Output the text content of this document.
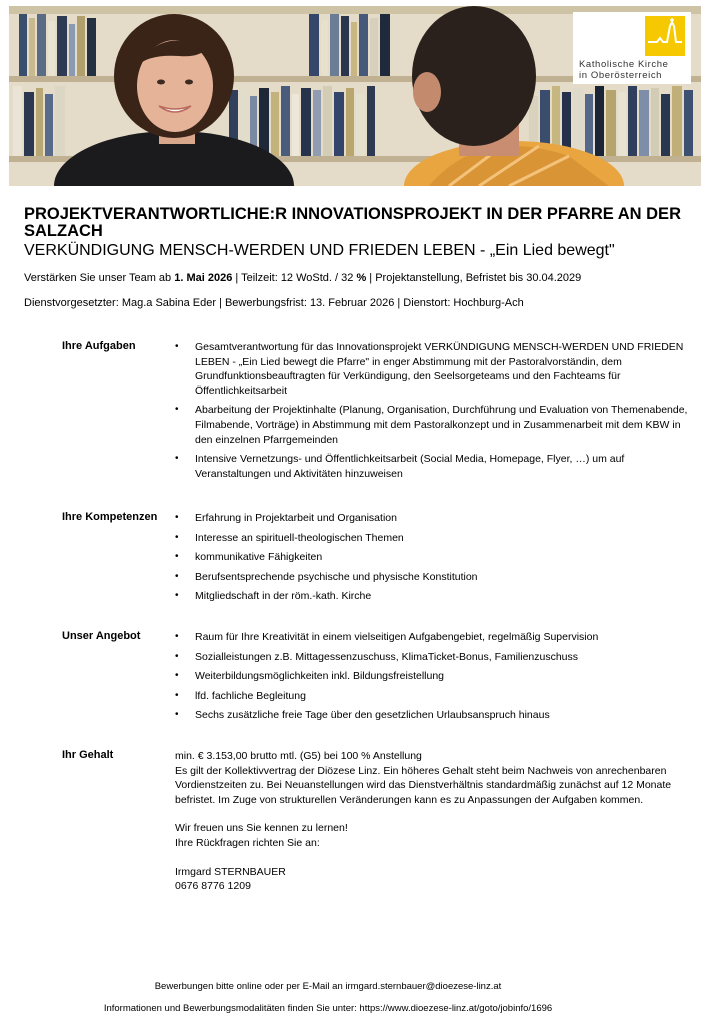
Katholische Kirche
in Oberösterreich
PROJEKTVERANTWORTLICHE:R INNOVATIONSPROJEKT IN DER PFARRE AN DER SALZACH
VERKÜNDIGUNG MENSCH-WERDEN UND FRIEDEN LEBEN - „Ein Lied bewegt"
Verstärken Sie unser Team ab 1. Mai 2026 | Teilzeit: 12 WoStd. / 32 % | Projektanstellung, Befristet bis 30.04.2029
Dienstvorgesetzter: Mag.a Sabina Eder | Bewerbungsfrist: 13. Februar 2026 | Dienstort: Hochburg-Ach
Ihre Aufgaben	• Gesamtverantwortung für das Innovationsprojekt VERKÜNDIGUNG MENSCH-WERDEN UND FRIEDEN LEBEN - „Ein Lied bewegt die Pfarre" in enger Abstimmung mit der Pastoralvorständin, dem Grundfunktionsbeauftragten für Verkündigung, den Seelsorgeteams und den Fachteams für Öffentlichkeitsarbeit
• Abarbeitung der Projektinhalte (Planung, Organisation, Durchführung und Evaluation von Themenabende, Filmabende, Vorträge) in Abstimmung mit dem Pastoralkonzept und in Zusammenarbeit mit dem KBW in den einzelnen Pfarrgemeinden
• Intensive Vernetzungs- und Öffentlichkeitsarbeit (Social Media, Homepage, Flyer, …) um auf Veranstaltungen und Aktivitäten hinzuweisen
Ihre Kompetenzen • Erfahrung in Projektarbeit und Organisation
• Interesse an spirituell-theologischen Themen
• kommunikative Fähigkeiten
• Berufsentsprechende psychische und physische Konstitution
• Mitgliedschaft in der röm.-kath. Kirche
Unser Angebot	• Raum für Ihre Kreativität in einem vielseitigen Aufgabengebiet, regelmäßig Supervision
• Sozialleistungen z.B. Mittagessenzuschuss, KlimaTicket-Bonus, Familienzuschuss
• Weiterbildungsmöglichkeiten inkl. Bildungsfreistellung
• lfd. fachliche Begleitung
• Sechs zusätzliche freie Tage über den gesetzlichen Urlaubsanspruch hinaus
Ihr Gehalt	min. € 3.153,00 brutto mtl. (G5) bei 100 % Anstellung

Es gilt der Kollektivvertrag der Diözese Linz. Ein höheres Gehalt steht beim Nachweis von anrechenbaren Vordienstzeiten zu. Bei Neuanstellungen wird das Dienstverhältnis standardmäßig zunächst auf 12 Monate befristet. Im Zuge von strukturellen Veränderungen kann es zu Anpassungen der Aufgaben kommen.

Wir freuen uns Sie kennen zu lernen!

Ihre Rückfragen richten Sie an:

Irmgard STERNBAUER

0676 8776 1209

Bewerbungen bitte online oder per E-Mail an irmgard.sternbauer@dioezese-linz.at
Informationen und Bewerbungsmodalitäten finden Sie unter: https://www.dioezese-linz.at/goto/jobinfo/1696
